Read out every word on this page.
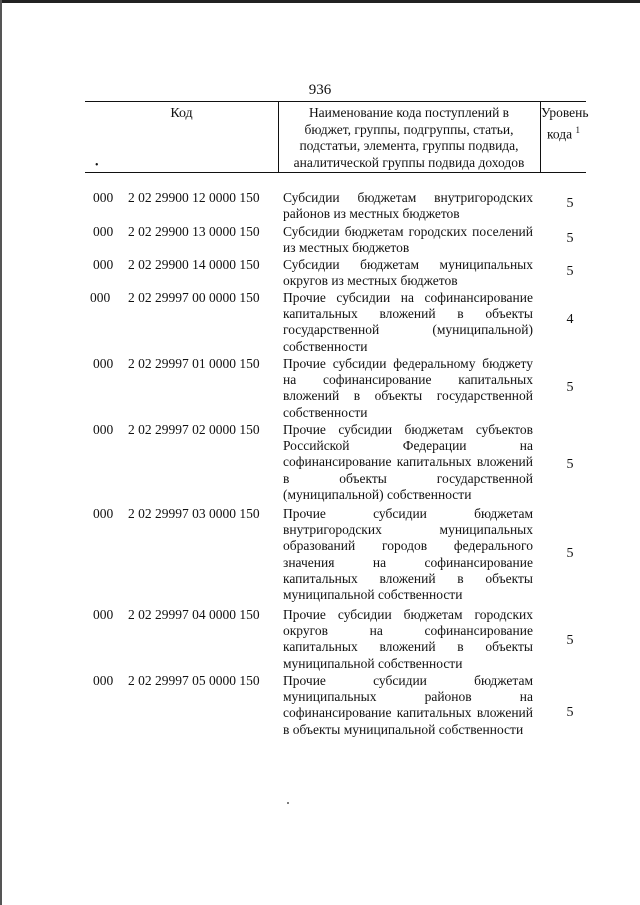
936
Код	Наименование кода поступлений в
бюджет, группы, подгруппы, статьи,
подстатьи, элемента, группы подвида,
аналитической группы подвида доходов
Уровень
кода $^1$
•
000 2 02 29900 12 0000 150 Субсидии бюджетам внутригородских районов из местных бюджетов
5
000 2 02 29900 13 0000 150 Субсидии бюджетам городских поселений из местных бюджетов
5
000 2 02 29900 14 0000 150 Субсидии бюджетам муниципальных округов из местных бюджетов
5
000 2 02 29997 00 0000 150 Прочие субсидии на софинансирование капитальных вложений в объекты государственной (муниципальной) собственности
4
000 2 02 29997 01 0000 150 Прочие субсидии федеральному бюджету на софинансирование капитальных вложений в объекты государственной собственности
5
000 2 02 29997 02 0000 150 Прочие субсидии бюджетам субъектов Российской Федерации на софинансирование капитальных вложений в объекты государственной (муниципальной) собственности
5
000 2 02 29997 03 0000 150 Прочие субсидии бюджетам внутригородских муниципальных образований городов федерального значения на софинансирование капитальных вложений в объекты муниципальной собственности
5
000 2 02 29997 04 0000 150 Прочие субсидии бюджетам городских округов на софинансирование капитальных вложений в объекты муниципальной собственности
5
000 2 02 29997 05 0000 150 Прочие субсидии бюджетам муниципальных районов на софинансирование капитальных вложений в объекты муниципальной собственности
5
